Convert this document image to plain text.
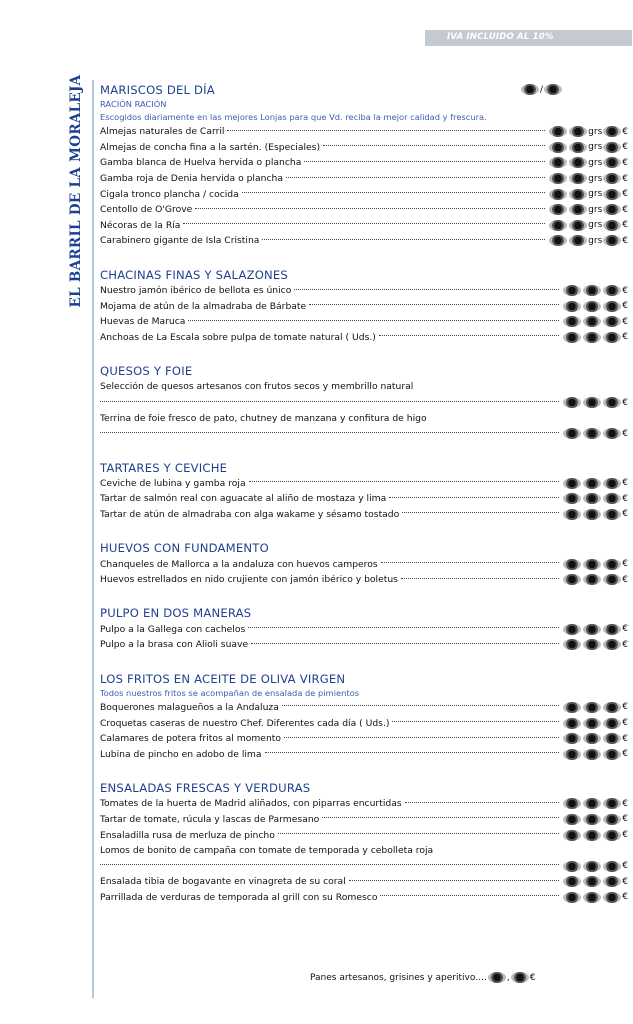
IVA INCLUIDO AL 10%
EL BARRIL DE LA MORALEJA	/
MARISCOS DEL DÍA
RACIÓN RACIÓN
Escogidos diariamente en las mejores Lonjas para que Vd. reciba la mejor calidad y frescura.
Almejas naturales de Carril	grs €
Almejas de concha fina a la sartén. (Especiales)	grs €
Gamba blanca de Huelva hervida o plancha	grs €
Gamba roja de Denia hervida o plancha	grs €
Cigala tronco plancha / cocida	grs €
Centollo de O'Grove	grs €
Nécoras de la Ría	grs €
Carabinero gigante de Isla Cristina	grs €
CHACINAS FINAS Y SALAZONES
Nuestro jamón ibérico de bellota es único	€
Mojama de atún de la almadraba de Bárbate	€
Huevas de Maruca	€
Anchoas de La Escala sobre pulpa de tomate natural ( Uds.)	€
QUESOS Y FOIE
Selección de quesos artesanos con frutos secos y membrillo natural
€
Terrina de foie fresco de pato, chutney de manzana y confitura de higo
€
TARTARES Y CEVICHE
Ceviche de lubina y gamba roja	€
Tartar de salmón real con aguacate al aliño de mostaza y lima	€
Tartar de atún de almadraba con alga wakame y sésamo tostado	€
HUEVOS CON FUNDAMENTO
Chanqueles de Mallorca a la andaluza con huevos camperos	€
Huevos estrellados en nido crujiente con jamón ibérico y boletus	€
PULPO EN DOS MANERAS
Pulpo a la Gallega con cachelos	€
Pulpo a la brasa con Alioli suave	€
LOS FRITOS EN ACEITE DE OLIVA VIRGEN
Todos nuestros fritos se acompañan de ensalada de pimientos
Boquerones malagueños a la Andaluza	€
Croquetas caseras de nuestro Chef. Diferentes cada día ( Uds.)	€
Calamares de potera fritos al momento	€
Lubina de pincho en adobo de lima	€
ENSALADAS FRESCAS Y VERDURAS
Tomates de la huerta de Madrid aliñados, con piparras encurtidas	€
Tartar de tomate, rúcula y lascas de Parmesano	€
Ensaladilla rusa de merluza de pincho	€
Lomos de bonito de campaña con tomate de temporada y cebolleta roja
€
Ensalada tibia de bogavante en vinagreta de su coral	€
Parrillada de verduras de temporada al grill con su Romesco	€
Panes artesanos, grisines y aperitivo .... , €
